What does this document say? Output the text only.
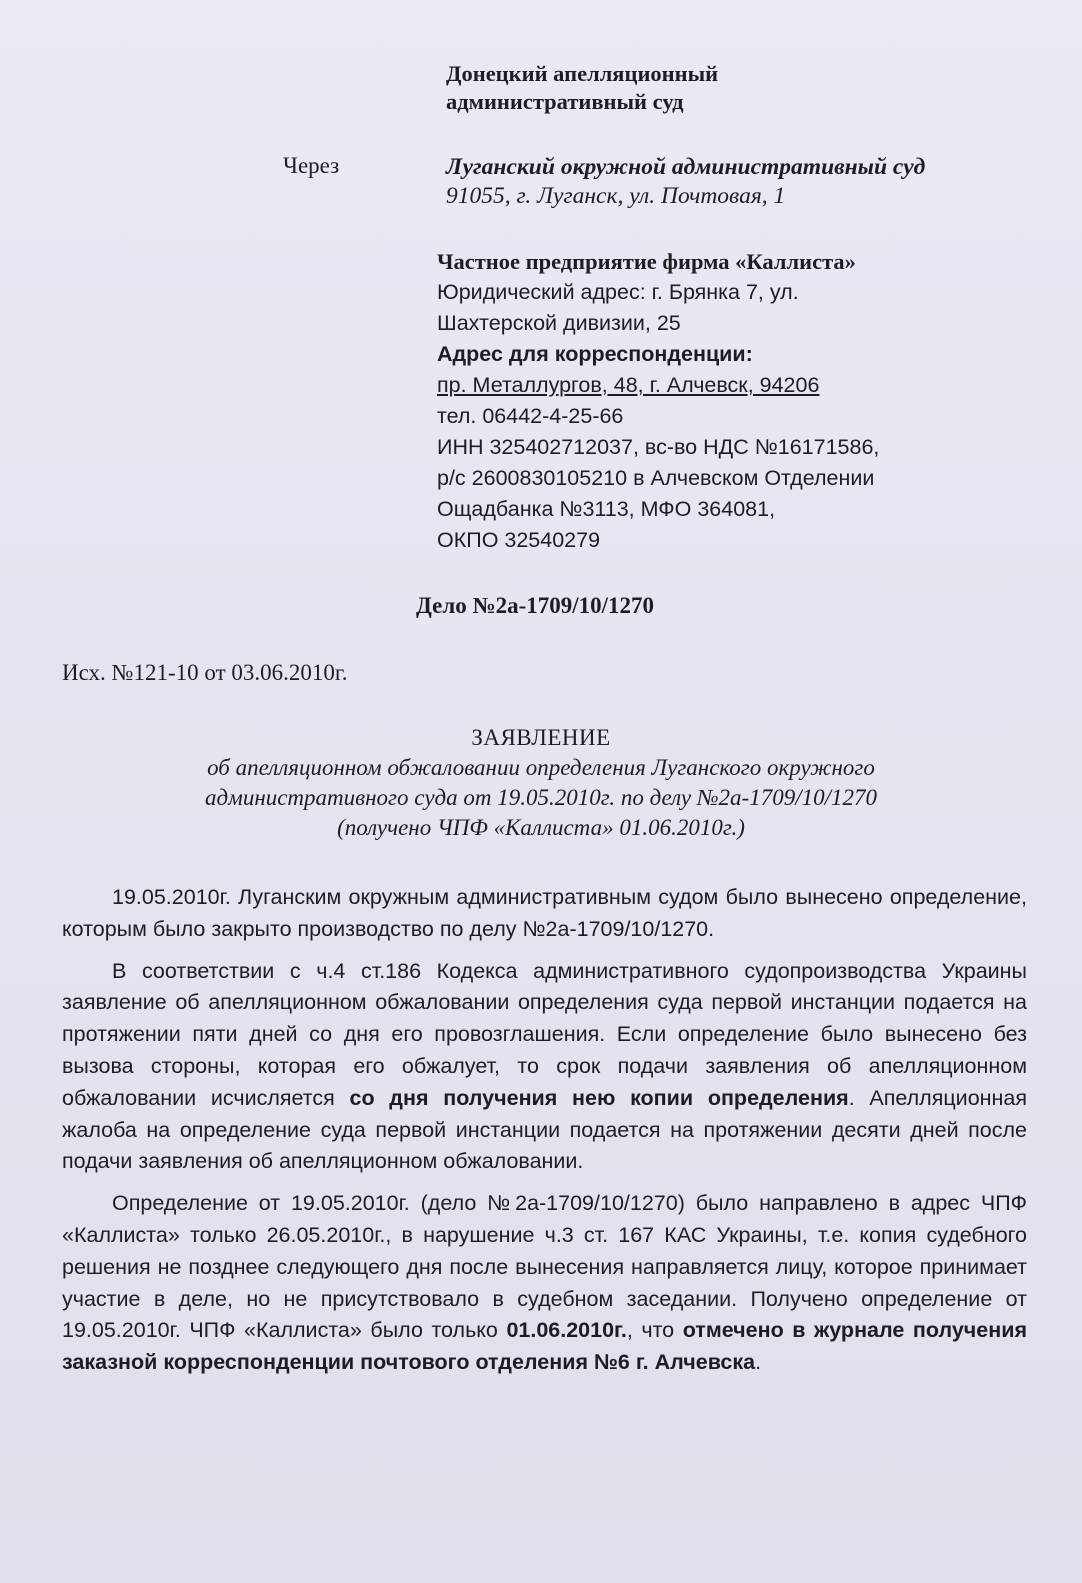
Донецкий апелляционный
административный суд
Через	Луганский окружной административный суд
91055, г. Луганск, ул. Почтовая, 1
Частное предприятие фирма «Каллиста»
Юридический адрес: г. Брянка 7, ул.
Шахтерской дивизии, 25
Адрес для корреспонденции:
пр. Металлургов, 48, г. Алчевск, 94206
тел. 06442-4-25-66
ИНН 325402712037, вс-во НДС №16171586,
р/с 2600830105210 в Алчевском Отделении
Ощадбанка №3113, МФО 364081,
ОКПО 32540279
Дело №2а-1709/10/1270
Исх. №121-10 от 03.06.2010г.
ЗАЯВЛЕНИЕ
об апелляционном обжаловании определения Луганского окружного
административного суда от 19.05.2010г. по делу №2а-1709/10/1270
(получено ЧПФ «Каллиста» 01.06.2010г.)

19.05.2010г. Луганским окружным административным судом было вынесено определение, которым было закрыто производство по делу №2а-1709/10/1270.

В соответствии с ч.4 ст.186 Кодекса административного судопроизводства Украины заявление об апелляционном обжаловании определения суда первой инстанции подается на протяжении пяти дней со дня его провозглашения. Если определение было вынесено без вызова стороны, которая его обжалует, то срок подачи заявления об апелляционном обжаловании исчисляется со дня получения нею копии определения. Апелляционная жалоба на определение суда первой инстанции подается на протяжении десяти дней после подачи заявления об апелляционном обжаловании.

Определение от 19.05.2010г. (дело №2а-1709/10/1270) было направлено в адрес ЧПФ «Каллиста» только 26.05.2010г., в нарушение ч.3 ст. 167 КАС Украины, т.е. копия судебного решения не позднее следующего дня после вынесения направляется лицу, которое принимает участие в деле, но не присутствовало в судебном заседании. Получено определение от 19.05.2010г. ЧПФ «Каллиста» было только 01.06.2010г., что отмечено в журнале получения заказной корреспонденции почтового отделения №6 г. Алчевска.
